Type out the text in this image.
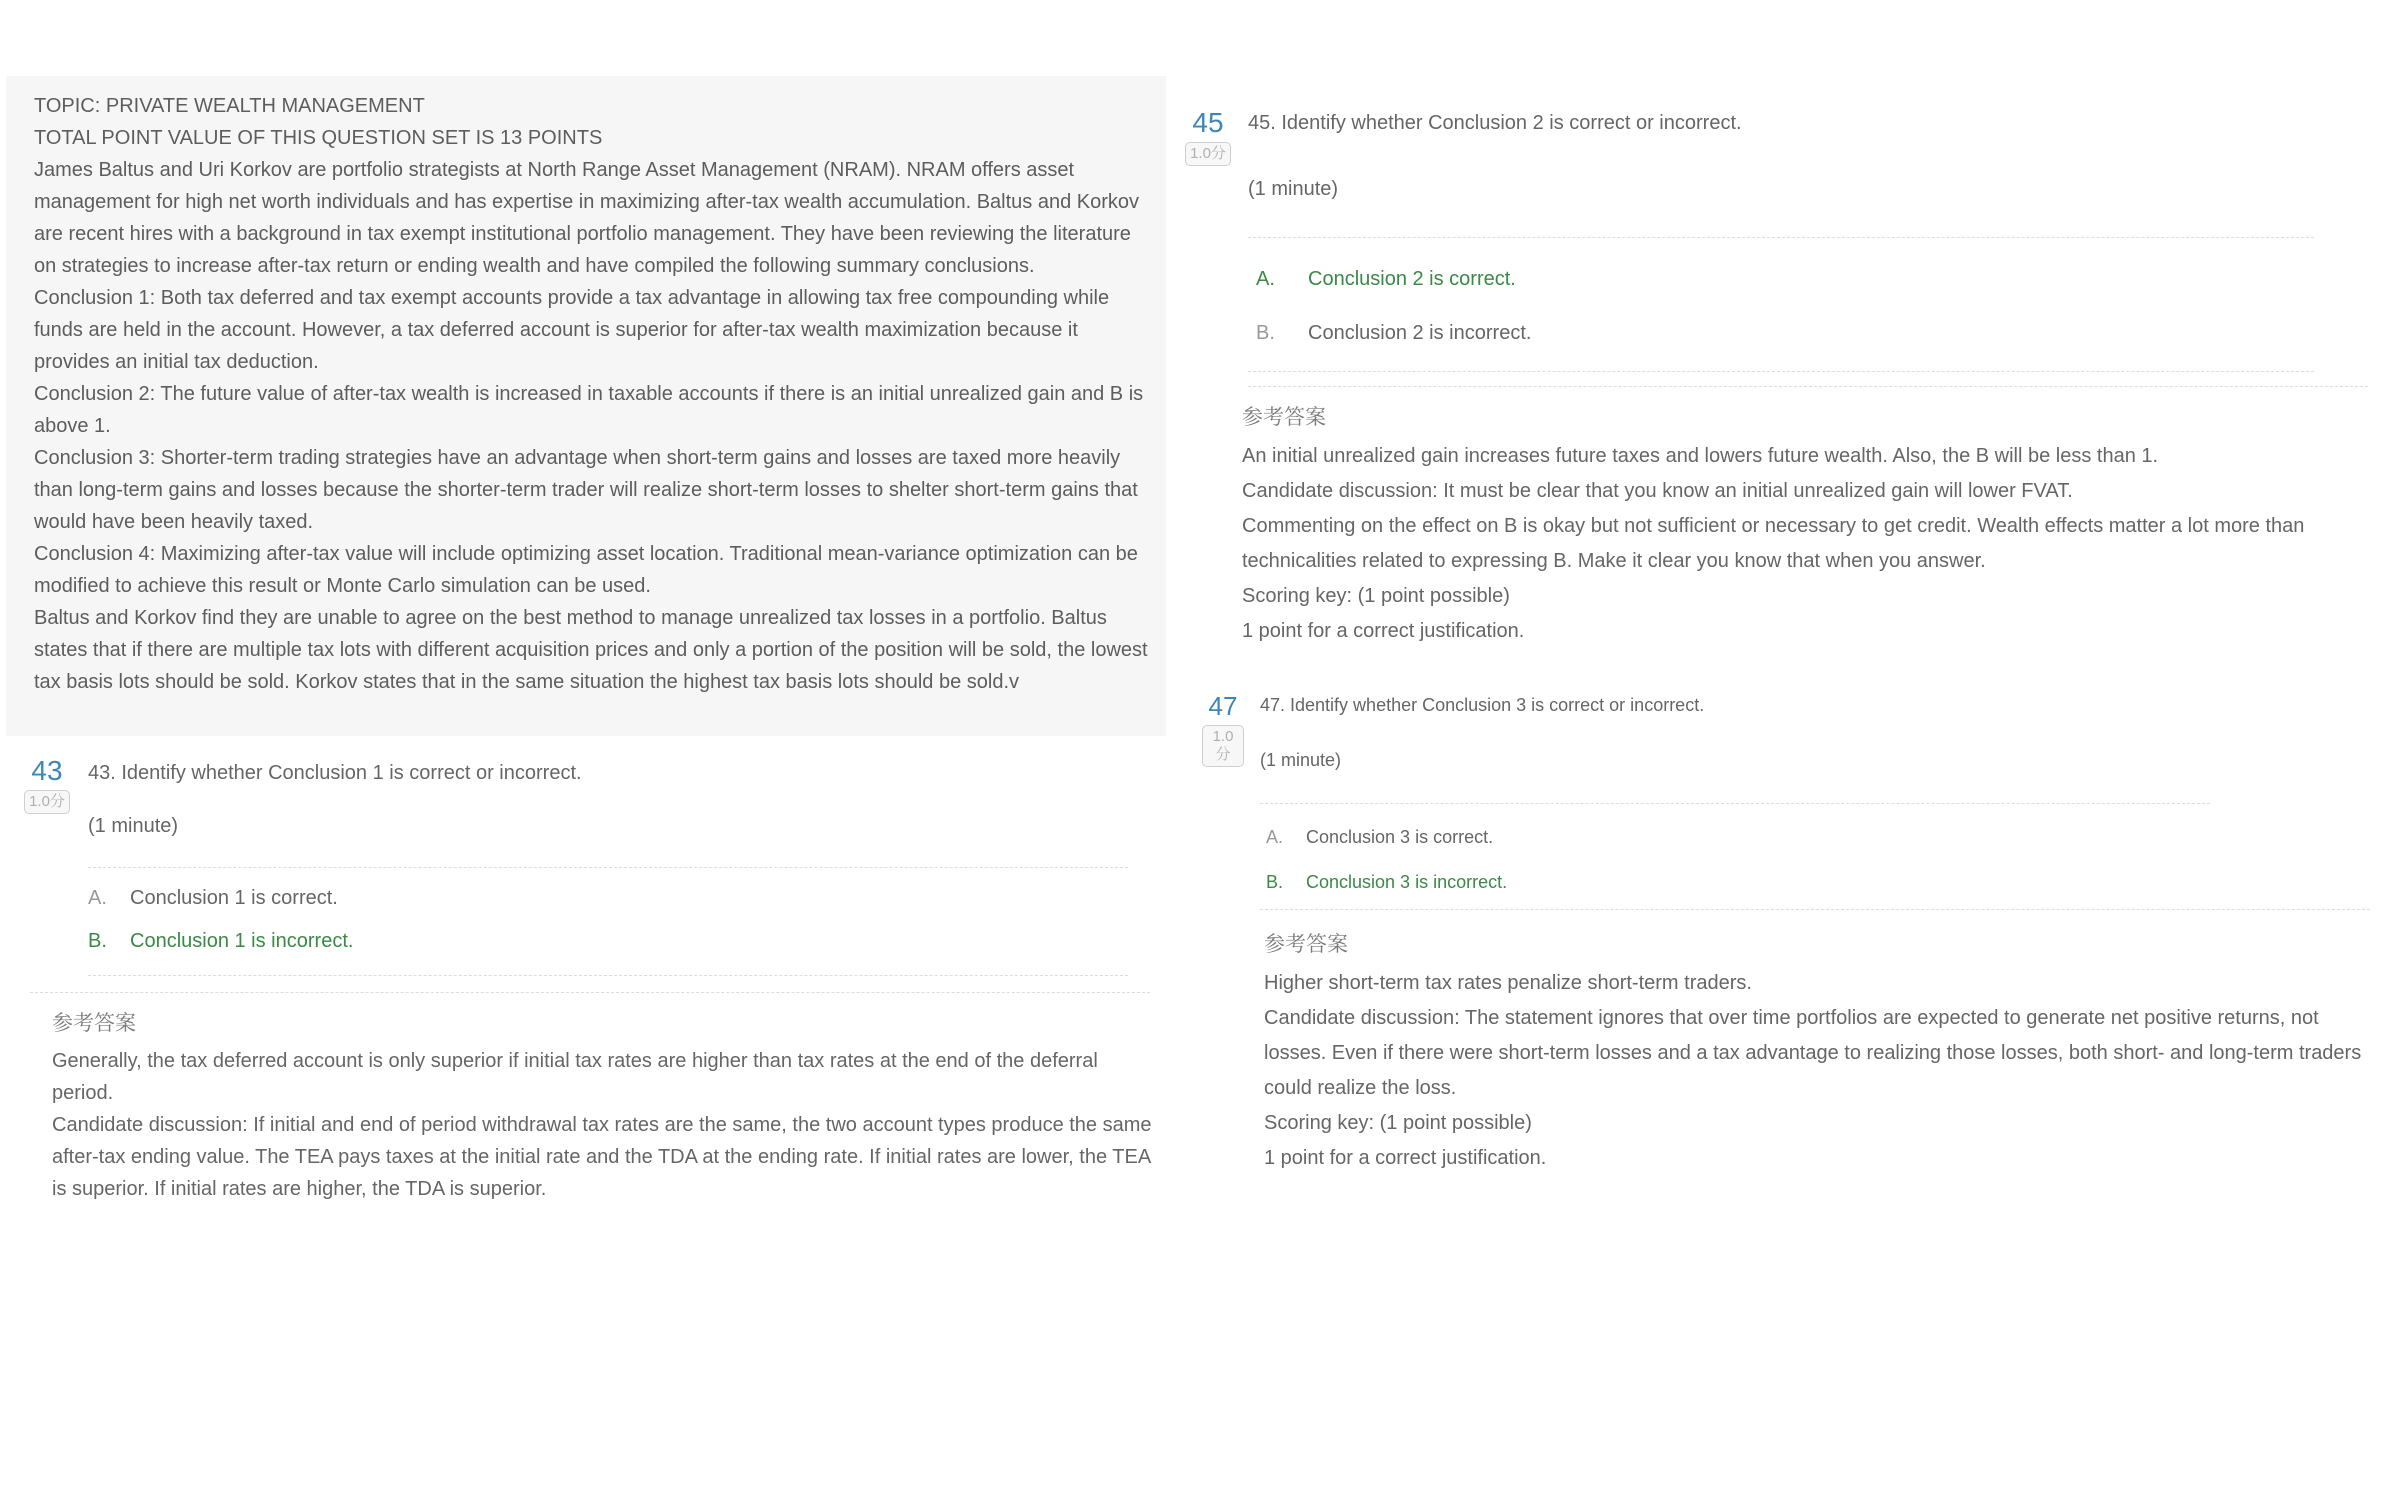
TOPIC: PRIVATE WEALTH MANAGEMENT

TOTAL POINT VALUE OF THIS QUESTION SET IS 13 POINTS

James Baltus and Uri Korkov are portfolio strategists at North Range Asset Management (NRAM). NRAM offers asset management for high net worth individuals and has expertise in maximizing after-tax wealth accumulation. Baltus and Korkov are recent hires with a background in tax exempt institutional portfolio management. They have been reviewing the literature on strategies to increase after-tax return or ending wealth and have compiled the following summary conclusions.

Conclusion 1: Both tax deferred and tax exempt accounts provide a tax advantage in allowing tax free compounding while funds are held in the account. However, a tax deferred account is superior for after-tax wealth maximization because it provides an initial tax deduction.

Conclusion 2: The future value of after-tax wealth is increased in taxable accounts if there is an initial unrealized gain and B is above 1.

Conclusion 3: Shorter-term trading strategies have an advantage when short-term gains and losses are taxed more heavily than long-term gains and losses because the shorter-term trader will realize short-term losses to shelter short-term gains that would have been heavily taxed.

Conclusion 4: Maximizing after-tax value will include optimizing asset location. Traditional mean-variance optimization can be modified to achieve this result or Monte Carlo simulation can be used.

Baltus and Korkov find they are unable to agree on the best method to manage unrealized tax losses in a portfolio. Baltus states that if there are multiple tax lots with different acquisition prices and only a portion of the position will be sold, the lowest tax basis lots should be sold. Korkov states that in the same situation the highest tax basis lots should be sold.v

43
1.0分

43. Identify whether Conclusion 1 is correct or incorrect.

(1 minute)

A.	Conclusion 1 is correct.
B.	Conclusion 1 is incorrect.

参考答案

Generally, the tax deferred account is only superior if initial tax rates are higher than tax rates at the end of the deferral period.

Candidate discussion: If initial and end of period withdrawal tax rates are the same, the two account types produce the same after-tax ending value. The TEA pays taxes at the initial rate and the TDA at the ending rate. If initial rates are lower, the TEA is superior. If initial rates are higher, the TDA is superior.

45
1.0分

45. Identify whether Conclusion 2 is correct or incorrect.

(1 minute)

A.	Conclusion 2 is correct.
B.	Conclusion 2 is incorrect.

参考答案

An initial unrealized gain increases future taxes and lowers future wealth. Also, the B will be less than 1.

Candidate discussion: It must be clear that you know an initial unrealized gain will lower FVAT.

Commenting on the effect on B is okay but not sufficient or necessary to get credit. Wealth effects matter a lot more than technicalities related to expressing B. Make it clear you know that when you answer.

Scoring key: (1 point possible)

1 point for a correct justification.

47
1.0分

47. Identify whether Conclusion 3 is correct or incorrect.

(1 minute)

A.	Conclusion 3 is correct.
B.	Conclusion 3 is incorrect.

参考答案

Higher short-term tax rates penalize short-term traders.

Candidate discussion: The statement ignores that over time portfolios are expected to generate net positive returns, not losses. Even if there were short-term losses and a tax advantage to realizing those losses, both short- and long-term traders could realize the loss.

Scoring key: (1 point possible)

1 point for a correct justification.
